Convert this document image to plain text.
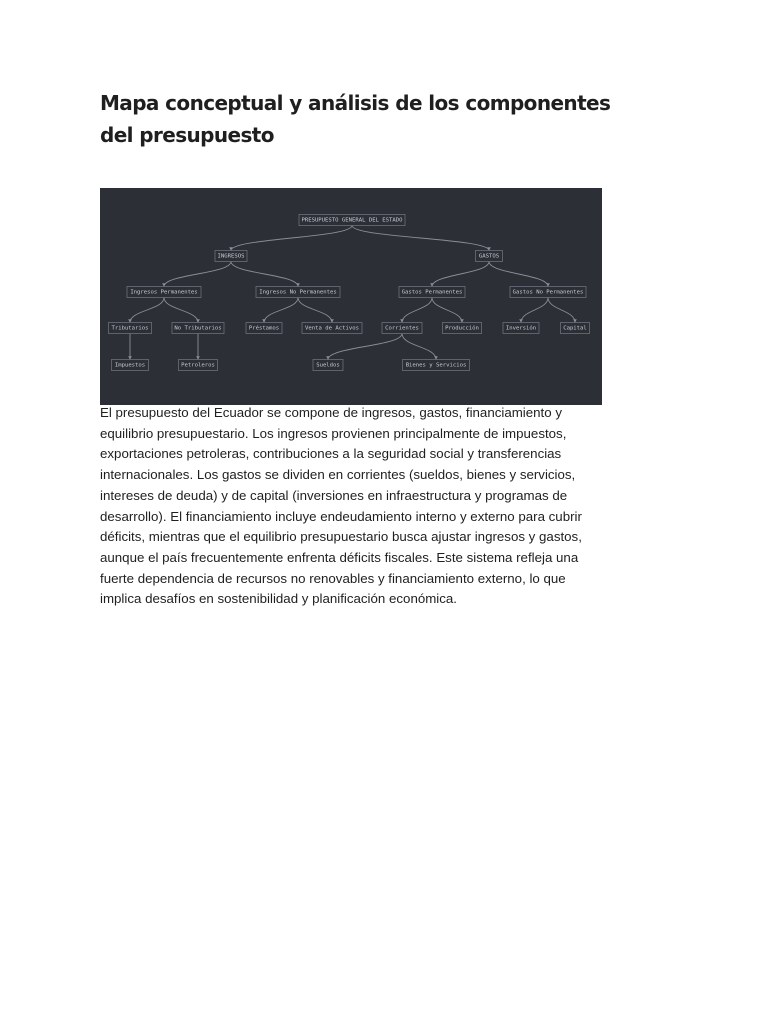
Mapa conceptual y análisis de los componentes del presupuesto
PRESUPUESTO GENERAL DEL ESTADO
INGRESOS	GASTOS
Ingresos Permanentes	Ingresos No Permanentes	Gastos Permanentes	Gastos No Permanentes
Tributarios	No Tributarios	Préstamos	Venta de Activos	Corrientes	Producción	Inversión	Capital
Impuestos	Petroleros	Sueldos	Bienes y Servicios

El presupuesto del Ecuador se compone de ingresos, gastos, financiamiento y equilibrio presupuestario. Los ingresos provienen principalmente de impuestos, exportaciones petroleras, contribuciones a la seguridad social y transferencias internacionales. Los gastos se dividen en corrientes (sueldos, bienes y servicios, intereses de deuda) y de capital (inversiones en infraestructura y programas de desarrollo). El financiamiento incluye endeudamiento interno y externo para cubrir déficits, mientras que el equilibrio presupuestario busca ajustar ingresos y gastos, aunque el país frecuentemente enfrenta déficits fiscales. Este sistema refleja una fuerte dependencia de recursos no renovables y financiamiento externo, lo que implica desafíos en sostenibilidad y planificación económica.
